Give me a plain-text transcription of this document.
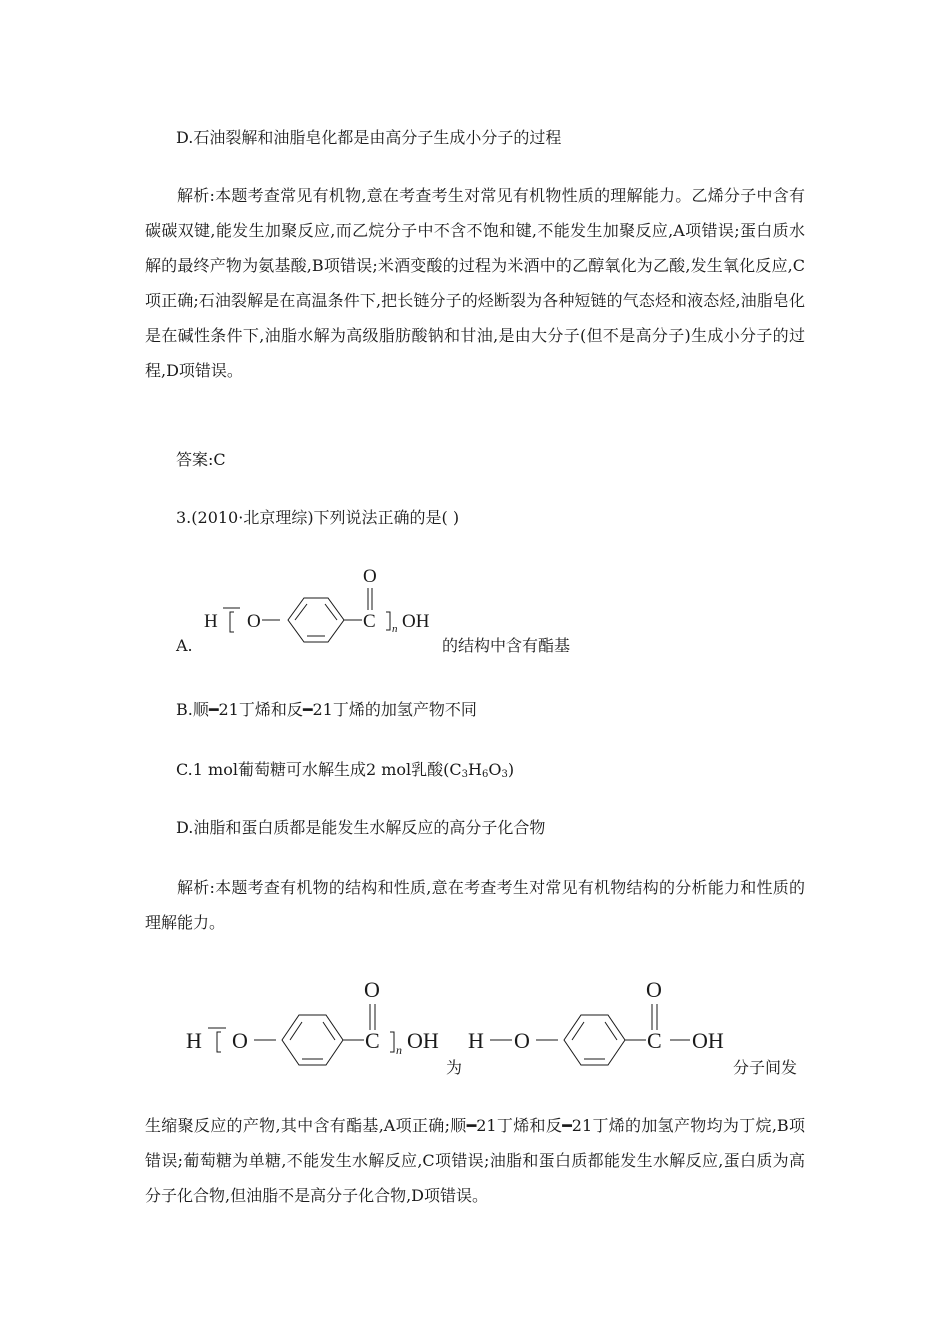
D.石油裂解和油脂皂化都是由高分子生成小分子的过程
解析:本题考查常见有机物,意在考查考生对常见有机物性质的理解能力。乙烯分子中含有碳碳双键,能发生加聚反应,而乙烷分子中不含不饱和键,不能发生加聚反应,A项错误;蛋白质水解的最终产物为氨基酸,B项错误;米酒变酸的过程为米酒中的乙醇氧化为乙酸,发生氧化反应,C项正确;石油裂解是在高温条件下,把长链分子的烃断裂为各种短链的气态烃和液态烃,油脂皂化是在碱性条件下,油脂水解为高级脂肪酸钠和甘油,是由大分子(但不是高分子)生成小分子的过程,D项错误。
答案:C
3.(2010·北京理综)下列说法正确的是( )
A.
H O
O
C n OH
的结构中含有酯基
B.顺━21丁烯和反━21丁烯的加氢产物不同
C.1 mol葡萄糖可水解生成2 mol乳酸$(C_3H_6O_3)$
D.油脂和蛋白质都是能发生水解反应的高分子化合物
解析:本题考查有机物的结构和性质,意在考查考生对常见有机物结构的分析能力和性质的理解能力。
H O
O
C n OH
为
H O
O
C OH
分子间发
生缩聚反应的产物,其中含有酯基,A项正确;顺━21丁烯和反━21丁烯的加氢产物均为丁烷,B项错误;葡萄糖为单糖,不能发生水解反应,C项错误;油脂和蛋白质都能发生水解反应,蛋白质为高分子化合物,但油脂不是高分子化合物,D项错误。
